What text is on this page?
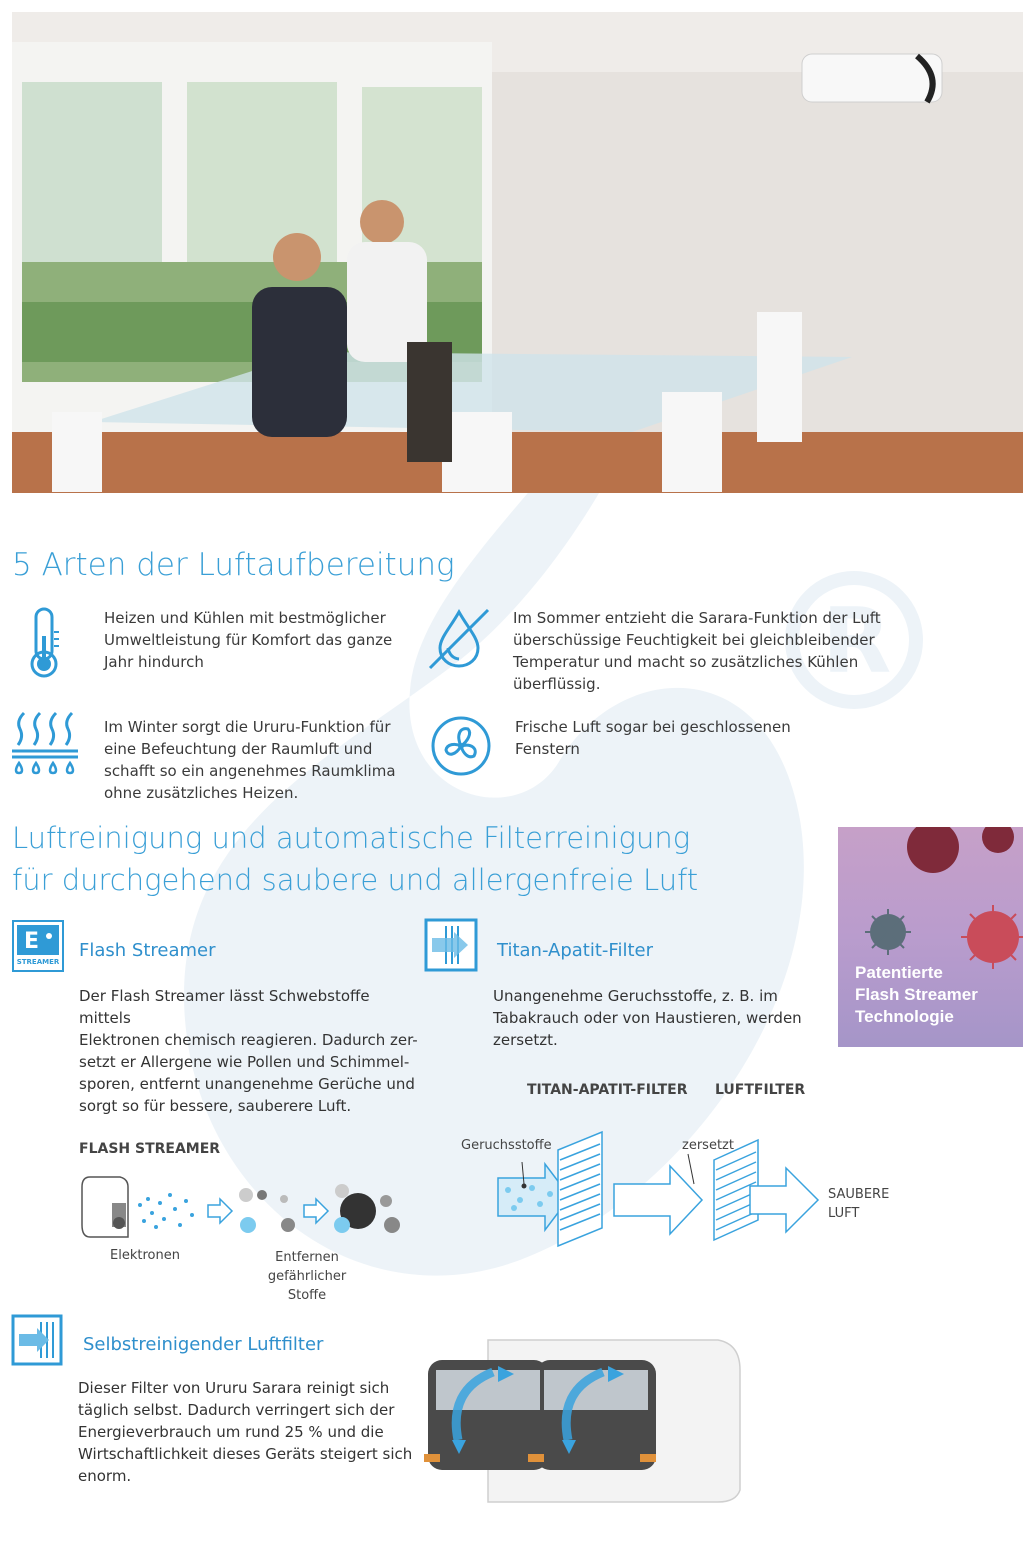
R
5 Arten der Luftaufbereitung
Heizen und Kühlen mit bestmöglicher
Umweltleistung für Komfort das ganze
Jahr hindurch
Im Sommer entzieht die Sarara-Funktion der Luft
überschüssige Feuchtigkeit bei gleichbleibender
Temperatur und macht so zusätzliches Kühlen
überflüssig.
Im Winter sorgt die Ururu-Funktion für
eine Befeuchtung der Raumluft und
schafft so ein angenehmes Raumklima
ohne zusätzliches Heizen.
Frische Luft sogar bei geschlossenen
Fenstern
Luftreinigung und automatische Filterreinigung
für durchgehend saubere und allergenfreie Luft
Patentierte
Flash Streamer
Technologie
E
STREAMER
Flash Streamer
Der Flash Streamer lässt Schwebstoffe mittels
Elektronen chemisch reagieren. Dadurch zer-
setzt er Allergene wie Pollen und Schimmel-
sporen, entfernt unangenehme Gerüche und
sorgt so für bessere, sauberere Luft.
Titan-Apatit-Filter
Unangenehme Geruchsstoffe, z. B. im
Tabakrauch oder von Haustieren, werden
zersetzt.
FLASH STREAMER
Elektronen	Entfernen
gefährlicher Stoffe
TITAN-APATIT-FILTER LUFTFILTER
Geruchsstoffe	zersetzt
SAUBERE
LUFT
Selbstreinigender Luftfilter
Dieser Filter von Ururu Sarara reinigt sich
täglich selbst. Dadurch verringert sich der
Energieverbrauch um rund 25 % und die
Wirtschaftlichkeit dieses Geräts steigert sich
enorm.
